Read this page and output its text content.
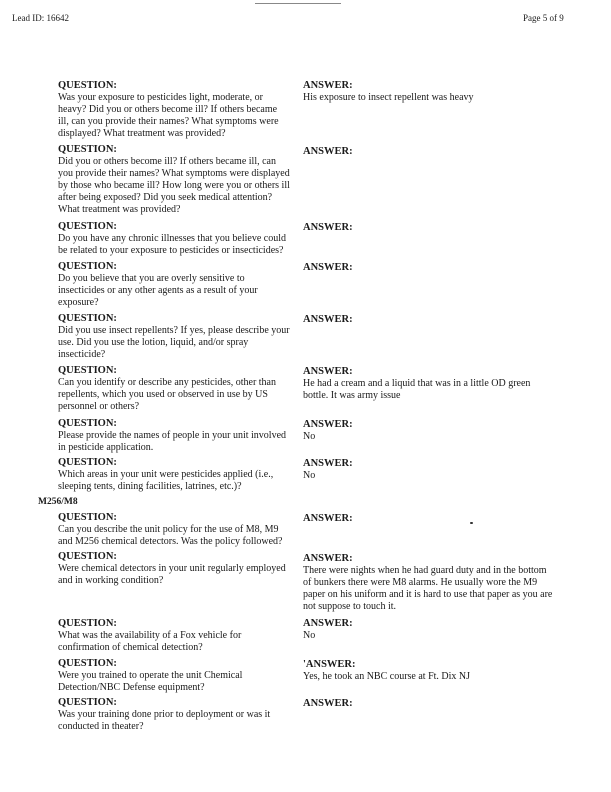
Lead ID: 16642	Page 5 of 9
QUESTION:
Was your exposure to pesticides light, moderate, or heavy? Did you or others become ill? If others became ill, can you provide their names? What symptoms were displayed? What treatment was provided?
ANSWER:
His exposure to insect repellent was heavy
QUESTION:
Did you or others become ill? If others became ill, can you provide their names? What symptoms were displayed by those who became ill? How long were you or others ill after being exposed? Did you seek medical attention? What treatment was provided?
ANSWER:
QUESTION:
Do you have any chronic illnesses that you believe could be related to your exposure to pesticides or insecticides?
ANSWER:
QUESTION:
Do you believe that you are overly sensitive to insecticides or any other agents as a result of your exposure?
ANSWER:
QUESTION:
Did you use insect repellents? If yes, please describe your use. Did you use the lotion, liquid, and/or spray insecticide?
ANSWER:
QUESTION:
Can you identify or describe any pesticides, other than repellents, which you used or observed in use by US personnel or others?
ANSWER:
He had a cream and a liquid that was in a little OD green bottle. It was army issue
QUESTION:
Please provide the names of people in your unit involved in pesticide application.
ANSWER:
No
QUESTION:
Which areas in your unit were pesticides applied (i.e., sleeping tents, dining facilities, latrines, etc.)?
ANSWER:
No
M256/M8
QUESTION:
Can you describe the unit policy for the use of M8, M9 and M256 chemical detectors. Was the policy followed?
ANSWER:
QUESTION:
Were chemical detectors in your unit regularly employed and in working condition?
ANSWER:
There were nights when he had guard duty and in the bottom of bunkers there were M8 alarms. He usually wore the M9 paper on his uniform and it is hard to use that paper as you are not suppose to touch it.
QUESTION:
What was the availability of a Fox vehicle for confirmation of chemical detection?
ANSWER:
No
QUESTION:
Were you trained to operate the unit Chemical Detection/NBC Defense equipment?
'ANSWER:
Yes, he took an NBC course at Ft. Dix NJ
QUESTION:
Was your training done prior to deployment or was it conducted in theater?
ANSWER:
